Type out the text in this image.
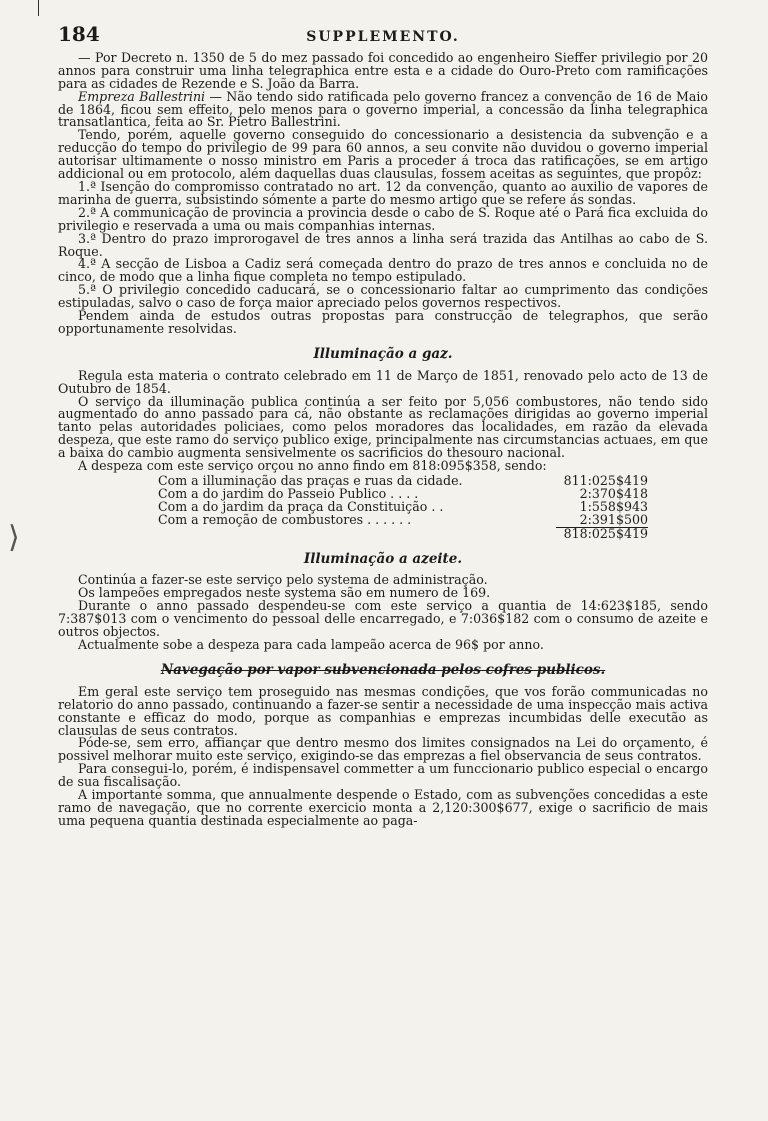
⟩
184	SUPPLEMENTO.

— Por Decreto n. 1350 de 5 do mez passado foi concedido ao engenheiro Sieffer privilegio por 20 annos para construir uma linha telegraphica entre esta e a cidade do Ouro-Preto com ramificações para as cidades de Rezende e S. João da Barra.

Empreza Ballestrini — Não tendo sido ratificada pelo governo francez a convenção de 16 de Maio de 1864, ficou sem effeito, pelo menos para o governo imperial, a concessão da linha telegraphica transatlantica, feita ao Sr. Pietro Ballestrini.

Tendo, porém, aquelle governo conseguido do concessionario a desistencia da subvenção e a reducção do tempo do privilegio de 99 para 60 annos, a seu convite não duvidou o governo imperial autorisar ultimamente o nosso ministro em Paris a proceder á troca das ratificações, se em artigo addicional ou em protocolo, além daquellas duas clausulas, fossem aceitas as seguintes, que propôz:

1.ª Isenção do compromisso contratado no art. 12 da convenção, quanto ao auxilio de vapores de marinha de guerra, subsistindo sómente a parte do mesmo artigo que se refere ás sondas.

2.ª A communicação de provincia a provincia desde o cabo de S. Roque até o Pará fica excluida do privilegio e reservada a uma ou mais companhias internas.

3.ª Dentro do prazo improrogavel de tres annos a linha será trazida das Antilhas ao cabo de S. Roque.

4.ª A secção de Lisboa a Cadiz será começada dentro do prazo de tres annos e concluida no de cinco, de modo que a linha fique completa no tempo estipulado.

5.ª O privilegio concedido caducará, se o concessionario faltar ao cumprimento das condições estipuladas, salvo o caso de força maior apreciado pelos governos respectivos.

Pendem ainda de estudos outras propostas para construcção de telegraphos, que serão opportunamente resolvidas.

Illuminação a gaz.

Regula esta materia o contrato celebrado em 11 de Março de 1851, renovado pelo acto de 13 de Outubro de 1854.

O serviço da illuminação publica continúa a ser feito por 5,056 combustores, não tendo sido augmentado do anno passado para cá, não obstante as reclamações dirigidas ao governo imperial tanto pelas autoridades policiaes, como pelos moradores das localidades, em razão da elevada despeza, que este ramo do serviço publico exige, principalmente nas circumstancias actuaes, em que a baixa do cambio augmenta sensivelmente os sacrificios do thesouro nacional.

A despeza com este serviço orçou no anno findo em 818:095$358, sendo:

Com a illuminação das praças e ruas da cidade.	811:025$419
Com a do jardim do Passeio Publico . . . .	2:370$418
Com a do jardim da praça da Constituição . .	1:558$943
Com a remoção de combustores . . . . . .	2:391$500
818:025$419
Illuminação a azeite.

Continúa a fazer-se este serviço pelo systema de administração.

Os lampeões empregados neste systema são em numero de 169.

Durante o anno passado despendeu-se com este serviço a quantia de 14:623$185, sendo 7:387$013 com o vencimento do pessoal delle encarregado, e 7:036$182 com o consumo de azeite e outros objectos.

Actualmente sobe a despeza para cada lampeão acerca de 96$ por anno.

Navegação por vapor subvencionada pelos cofres publicos.

Em geral este serviço tem proseguido nas mesmas condições, que vos forão communicadas no relatorio do anno passado, continuando a fazer-se sentir a necessidade de uma inspecção mais activa constante e efficaz do modo, porque as companhias e emprezas incumbidas delle executão as clausulas de seus contratos.

Póde-se, sem erro, affiançar que dentro mesmo dos limites consignados na Lei do orçamento, é possivel melhorar muito este serviço, exigindo-se das emprezas a fiel observancia de seus contratos.

Para consegui-lo, porém, é indispensavel commetter a um funccionario publico especial o encargo de sua fiscalisação.

A importante somma, que annualmente despende o Estado, com as subvenções concedidas a este ramo de navegação, que no corrente exercicio monta a 2,120:300$677, exige o sacrificio de mais uma pequena quantia destinada especialmente ao paga-
